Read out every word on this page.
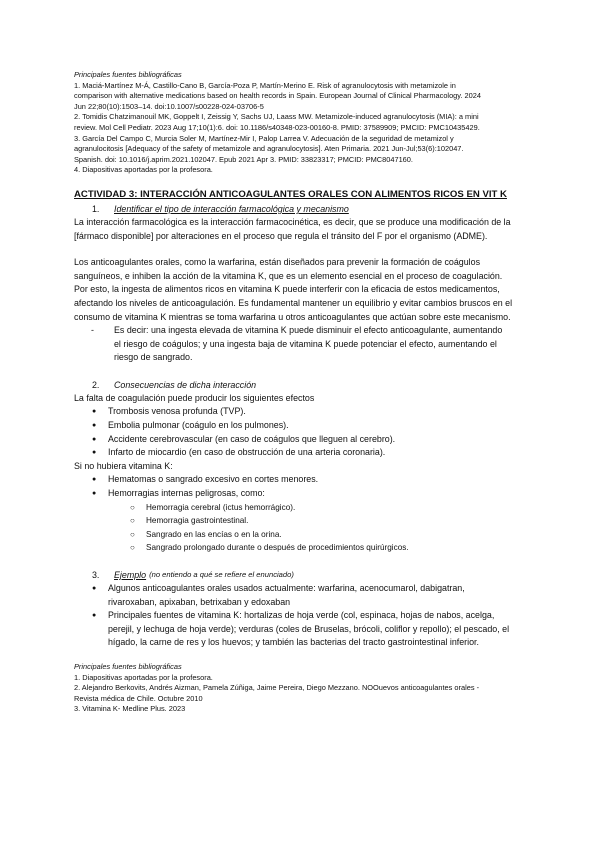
Principales fuentes bibliográficas

1. Maciá-Martínez M-Á, Castillo-Cano B, García-Poza P, Martín-Merino E. Risk of agranulocytosis with metamizole in

comparison with alternative medications based on health records in Spain. European Journal of Clinical Pharmacology. 2024

Jun 22;80(10):1503–14. doi:10.1007/s00228-024-03706-5

2. Tomidis Chatzimanouil MK, Goppelt I, Zeissig Y, Sachs UJ, Laass MW. Metamizole-induced agranulocytosis (MIA): a mini

review. Mol Cell Pediatr. 2023 Aug 17;10(1):6. doi: 10.1186/s40348-023-00160-8. PMID: 37589909; PMCID: PMC10435429.

3. García Del Campo C, Murcia Soler M, Martínez-Mir I, Palop Larrea V. Adecuación de la seguridad de metamizol y

agranulocitosis [Adequacy of the safety of metamizole and agranulocytosis]. Aten Primaria. 2021 Jun-Jul;53(6):102047.

Spanish. doi: 10.1016/j.aprim.2021.102047. Epub 2021 Apr 3. PMID: 33823317; PMCID: PMC8047160.

4. Diapositivas aportadas por la profesora.

ACTIVIDAD 3: INTERACCIÓN ANTICOAGULANTES ORALES CON ALIMENTOS RICOS EN VIT K

1.	Identificar el tipo de interacción farmacológica y mecanismo

La interacción farmacológica es la interacción farmacocinética, es decir, que se produce una modificación de la

[fármaco disponible] por alteraciones en el proceso que regula el tránsito del F por el organismo (ADME).

Los anticoagulantes orales, como la warfarina, están diseñados para prevenir la formación de coágulos

sanguíneos, e inhiben la acción de la vitamina K, que es un elemento esencial en el proceso de coagulación.

Por esto, la ingesta de alimentos ricos en vitamina K puede interferir con la eficacia de estos medicamentos,

afectando los niveles de anticoagulación. Es fundamental mantener un equilibrio y evitar cambios bruscos en el

consumo de vitamina K mientras se toma warfarina u otros anticoagulantes que actúan sobre este mecanismo.

-	Es decir: una ingesta elevada de vitamina K puede disminuir el efecto anticoagulante, aumentando
el riesgo de coágulos; y una ingesta baja de vitamina K puede potenciar el efecto, aumentando el
riesgo de sangrado.
2.	Consecuencias de dicha interacción

La falta de coagulación puede producir los siguientes efectos

●	Trombosis venosa profunda (TVP).
●	Embolia pulmonar (coágulo en los pulmones).
●	Accidente cerebrovascular (en caso de coágulos que lleguen al cerebro).
●	Infarto de miocardio (en caso de obstrucción de una arteria coronaria).

Si no hubiera vitamina K:

●	Hematomas o sangrado excesivo en cortes menores.
●	Hemorragias internas peligrosas, como:
○	Hemorragia cerebral (ictus hemorrágico).
○	Hemorragia gastrointestinal.
○	Sangrado en las encías o en la orina.
○	Sangrado prolongado durante o después de procedimientos quirúrgicos.
3.	Ejemplo (no entiendo a qué se refiere el enunciado)
●	Algunos anticoagulantes orales usados actualmente: warfarina, acenocumarol, dabigatran,
rivaroxaban, apixaban, betrixaban y edoxaban
●	Principales fuentes de vitamina K: hortalizas de hoja verde (col, espinaca, hojas de nabos, acelga,
perejil, y lechuga de hoja verde); verduras (coles de Bruselas, brócoli, coliflor y repollo); el pescado, el
hígado, la carne de res y los huevos; y también las bacterias del tracto gastrointestinal inferior.

Principales fuentes bibliográficas

1. Diapositivas aportadas por la profesora.

2. Alejandro Berkovits, Andrés Aizman, Pamela Zúñiga, Jaime Pereira, Diego Mezzano. NOOuevos anticoagulantes orales -

Revista médica de Chile. Octubre 2010

3. Vitamina K- Medline Plus. 2023
